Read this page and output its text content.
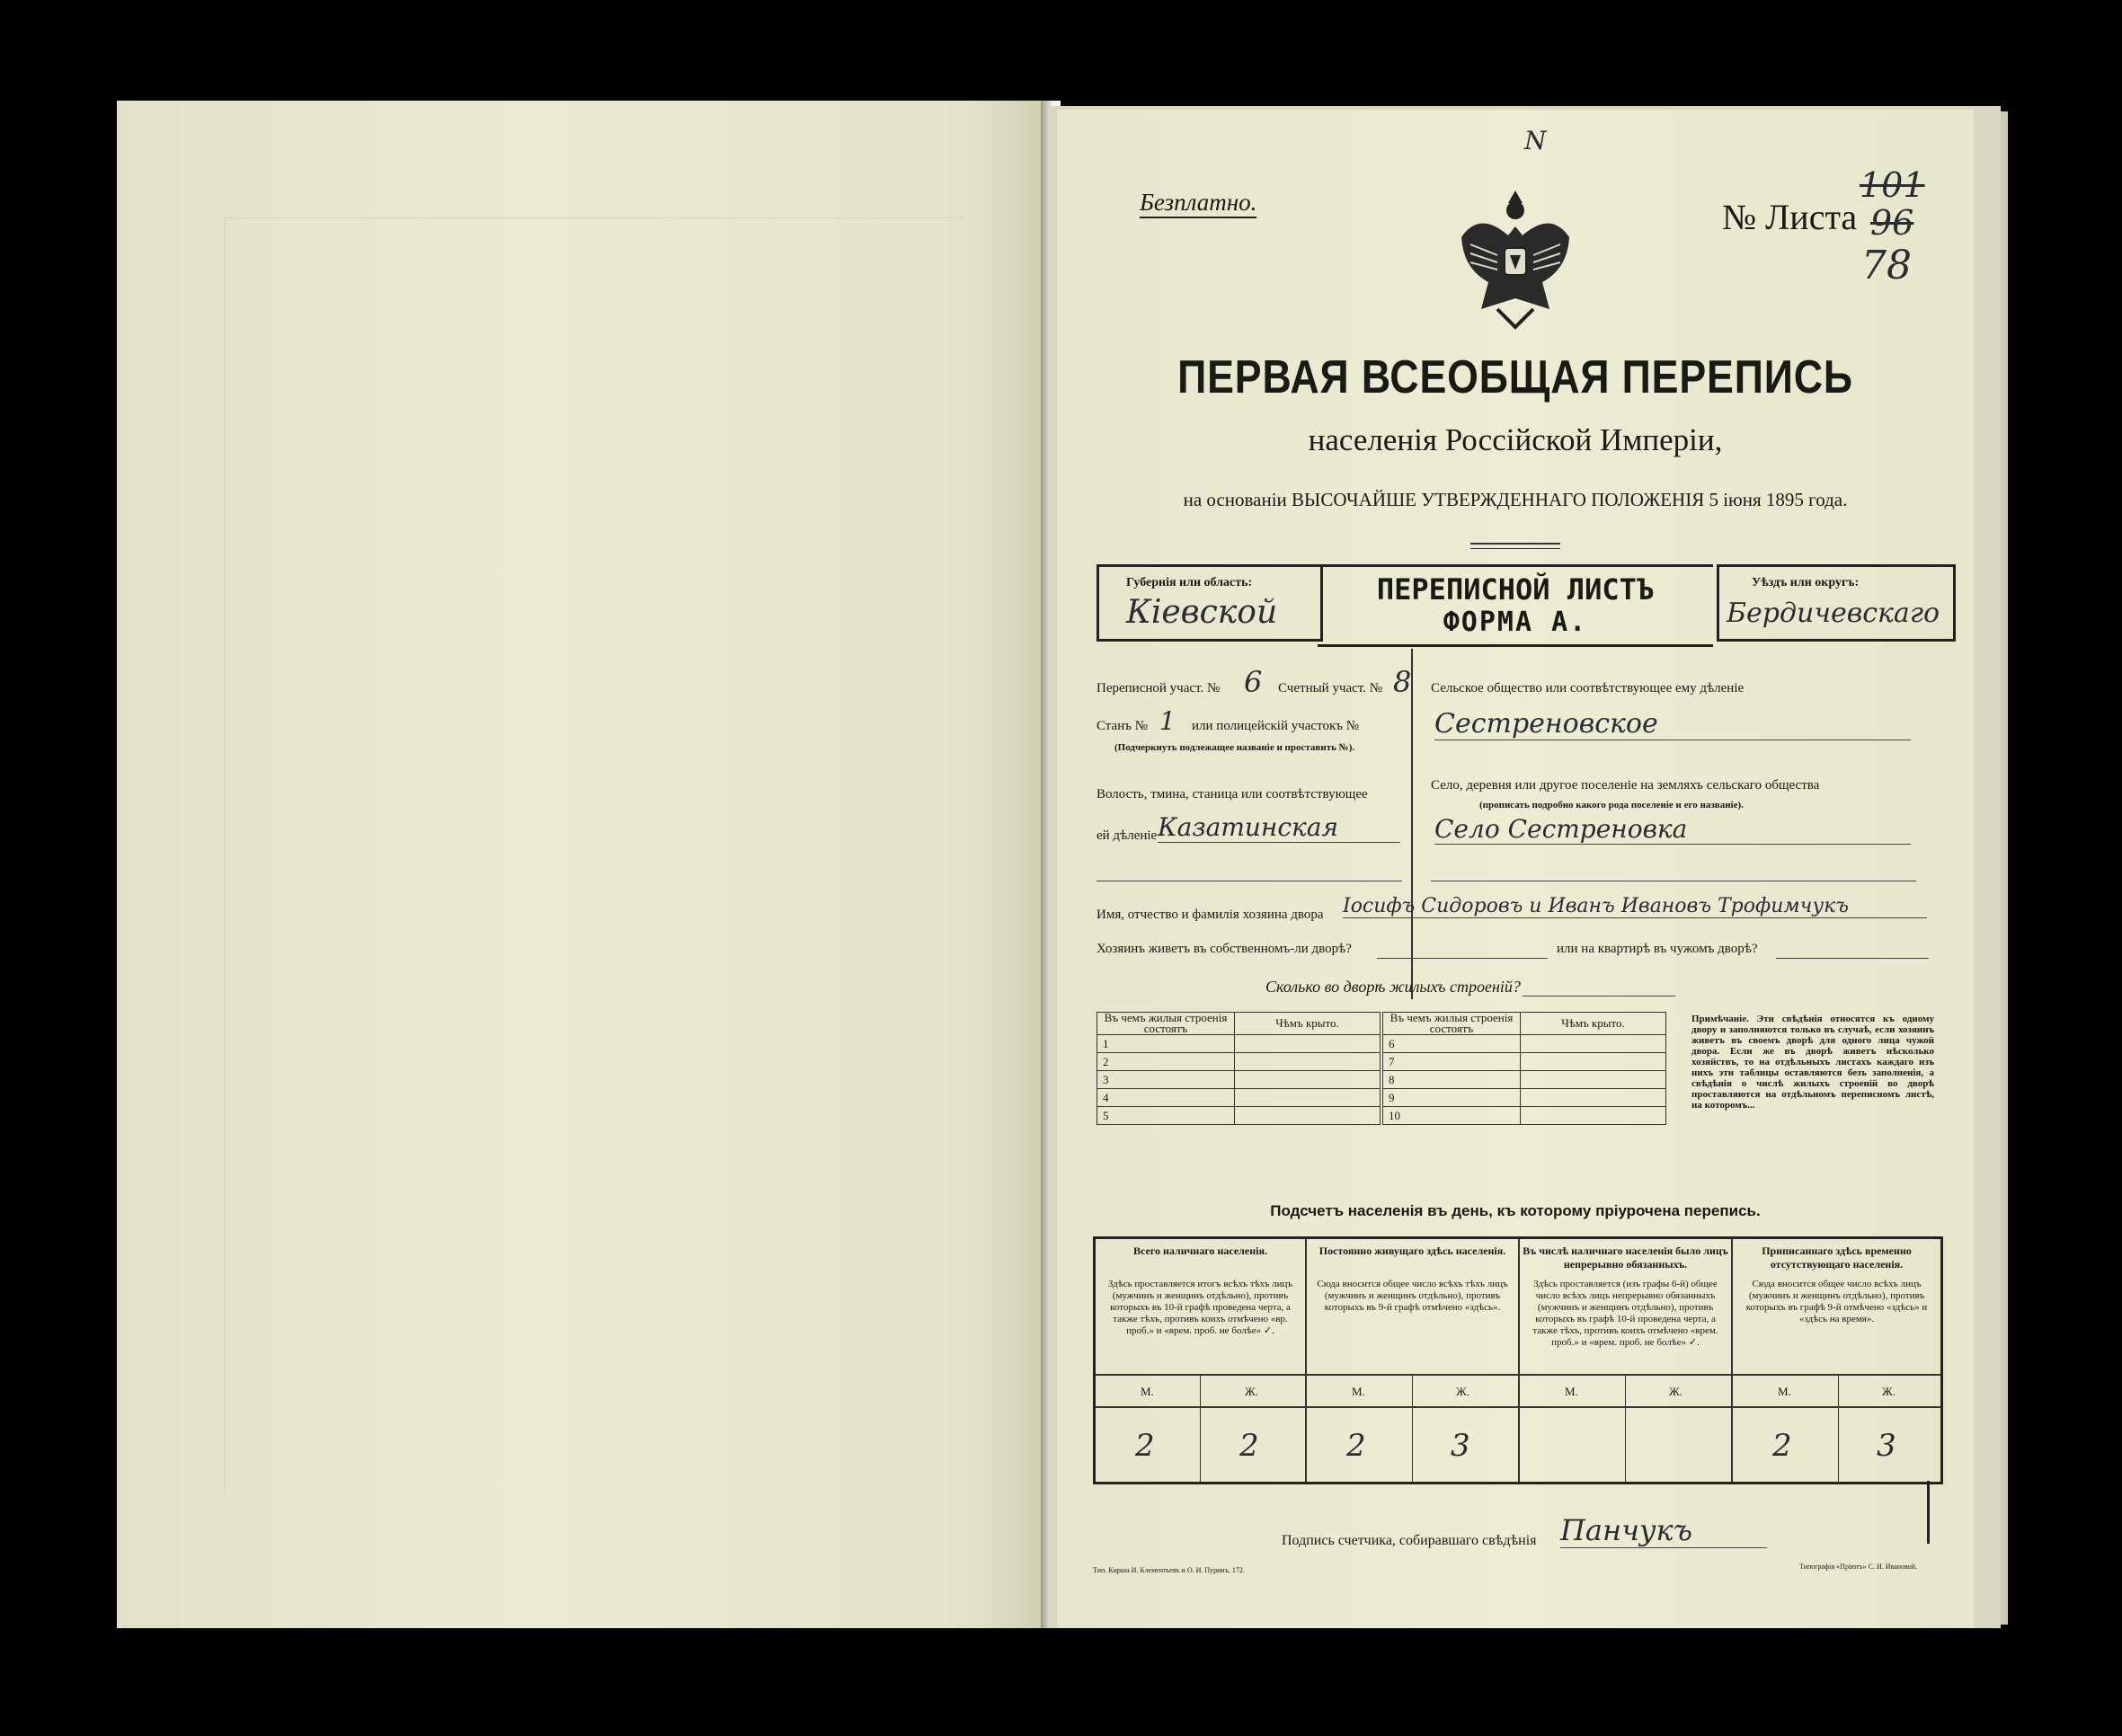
Безплатно.
N
№ Листа
101
96
78
ПЕРВАЯ ВСЕОБЩАЯ ПЕРЕПИСЬ
населенія Россійской Имперіи,
на основаніи ВЫСОЧАЙШЕ УТВЕРЖДЕННАГО ПОЛОЖЕНІЯ 5 іюня 1895 года.
Губернія или область:
Кіевской
ПЕРЕПИСНОЙ ЛИСТЪ
ФОРМА А.
Уѣздъ или округъ:
Бердичевскаго
Переписной участ. № 6 Счетный участ. № 8
Станъ № 1 или полицейскій участокъ №
(Подчеркнуть подлежащее названіе и проставить №).
Волость, тмина, станица или соотвѣтствующее
ей дѣленіе Казатинская
Сельское общество или соотвѣтствующее ему дѣленіе
Сестреновское
Село, деревня или другое поселеніе на земляхъ сельскаго общества
(прописать подробно какого рода поселеніе и его названіе).
Село Сестреновка
Имя, отчество и фамилія хозяина двора Іосифъ Сидоровъ и Иванъ Ивановъ Трофимчукъ
Хозяинъ живетъ въ собственномъ-ли дворѣ?	или на квартирѣ въ чужомъ дворѣ?
Сколько во дворѣ жилыхъ строеній?
Въ чемъ жилыя строенія состоятъ	Чѣмъ крыто.
1	
2	
3	
4	
5	
Въ чемъ жилыя строенія состоятъ	Чѣмъ крыто.
6	
7	
8	
9	
10	
Примѣчаніе. Эти свѣдѣнія относятся къ одному двору и заполняются только въ случаѣ, если хозяинъ живетъ въ своемъ дворѣ для одного лица чужой двора. Если же въ дворѣ живетъ нѣсколько хозяйствъ, то на отдѣльныхъ листахъ каждаго изъ нихъ эти таблицы оставляются безъ заполненія, а свѣдѣнія о числѣ жилыхъ строеній во дворѣ проставляются на отдѣльномъ переписномъ листѣ, на которомъ...
Подсчетъ населенія въ день, къ которому пріурочена перепись.
Всего наличнаго населенія.
Здѣсь проставляется итогъ всѣхъ тѣхъ лицъ (мужчинъ и женщинъ отдѣльно), противъ которыхъ въ 10-й графѣ проведена черта, а также тѣхъ, противъ коихъ отмѣчено «вр. проб.» и «врем. проб. не болѣе» ✓.
М.	Ж.
2	2
Постоянно живущаго здѣсь населенія.
Сюда вносится общее число всѣхъ тѣхъ лицъ (мужчинъ и женщинъ отдѣльно), противъ которыхъ въ 9-й графѣ отмѣчено «здѣсь».
М.	Ж.
2	3
Въ числѣ наличнаго населенія было лицъ непрерывно обязанныхъ.
Здѣсь проставляется (изъ графы 6-й) общее число всѣхъ лицъ непрерывно обязанныхъ (мужчинъ и женщинъ отдѣльно), противъ которыхъ въ графѣ 10-й проведена черта, а также тѣхъ, противъ коихъ отмѣчено «врем. проб.» и «врем. проб. не болѣе» ✓.
М.	Ж.
Приписаннаго здѣсь временно отсутствующаго населенія.
Сюда вносится общее число всѣхъ лицъ (мужчинъ и женщинъ отдѣльно), противъ которыхъ въ графѣ 9-й отмѣчено «здѣсь» и «здѣсь на время».
М.	Ж.
2	3
Подпись счетчика, собиравшаго свѣдѣнія Панчукъ
Тип. Кирша И. Клементьевъ и О. И. Пуринъ, 172.	Типографія «Пріютъ» С. И. Ивановой.
